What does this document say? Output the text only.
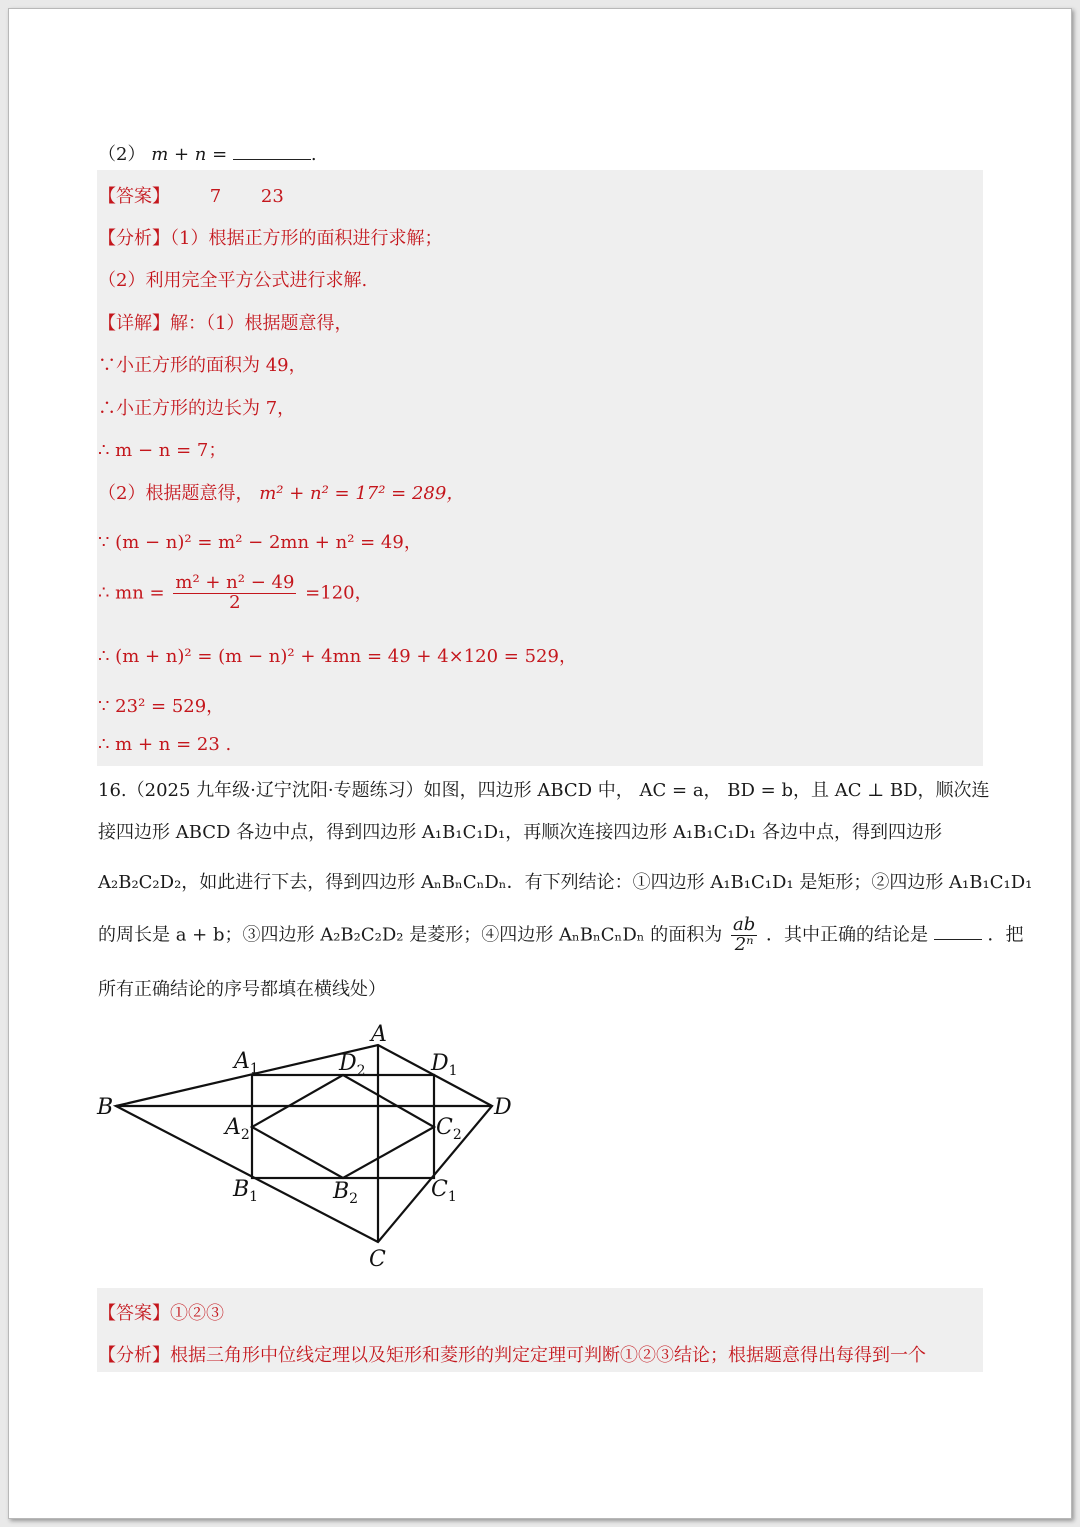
（2） m + n =	.
【答案】 7 23
【分析】（1）根据正方形的面积进行求解；
（2）利用完全平方公式进行求解.
【详解】解：（1）根据题意得，
∵小正方形的面积为 49，
∴小正方形的边长为 7，
∴ m − n = 7；
（2）根据题意得， m² + n² = 17² = 289，
∵ (m − n)² = m² − 2mn + n² = 49，
∴ mn = $\frac{\text{m² + n² − 49}}{2} =120$，
∴ (m + n)² = (m − n)² + 4mn = 49 + 4×120 = 529，
∵ 23² = 529，
∴ m + n = 23 .
16.（2025 九年级·辽宁沈阳·专题练习）如图，四边形 ABCD 中， AC = a， BD = b，且 AC ⊥ BD，顺次连
接四边形 ABCD 各边中点，得到四边形 A₁B₁C₁D₁，再顺次连接四边形 A₁B₁C₁D₁ 各边中点，得到四边形
A₂B₂C₂D₂，如此进行下去，得到四边形 AₙBₙCₙDₙ．有下列结论：①四边形 A₁B₁C₁D₁ 是矩形；②四边形 A₁B₁C₁D₁
的周长是 a + b；③四边形 A₂B₂C₂D₂ 是菱形；④四边形 AₙBₙCₙDₙ 的面积为 $\frac{ab}{\text{2ⁿ}}$ ．其中正确的结论是	．把
所有正确结论的序号都填在横线处）
A
B
C
D
$A_1$
$B_1$	$C_1$
$D_1$
$A_2$
$B_2$
$C_2$
$D_2$
【答案】①②③
【分析】根据三角形中位线定理以及矩形和菱形的判定定理可判断①②③结论；根据题意得出每得到一个
